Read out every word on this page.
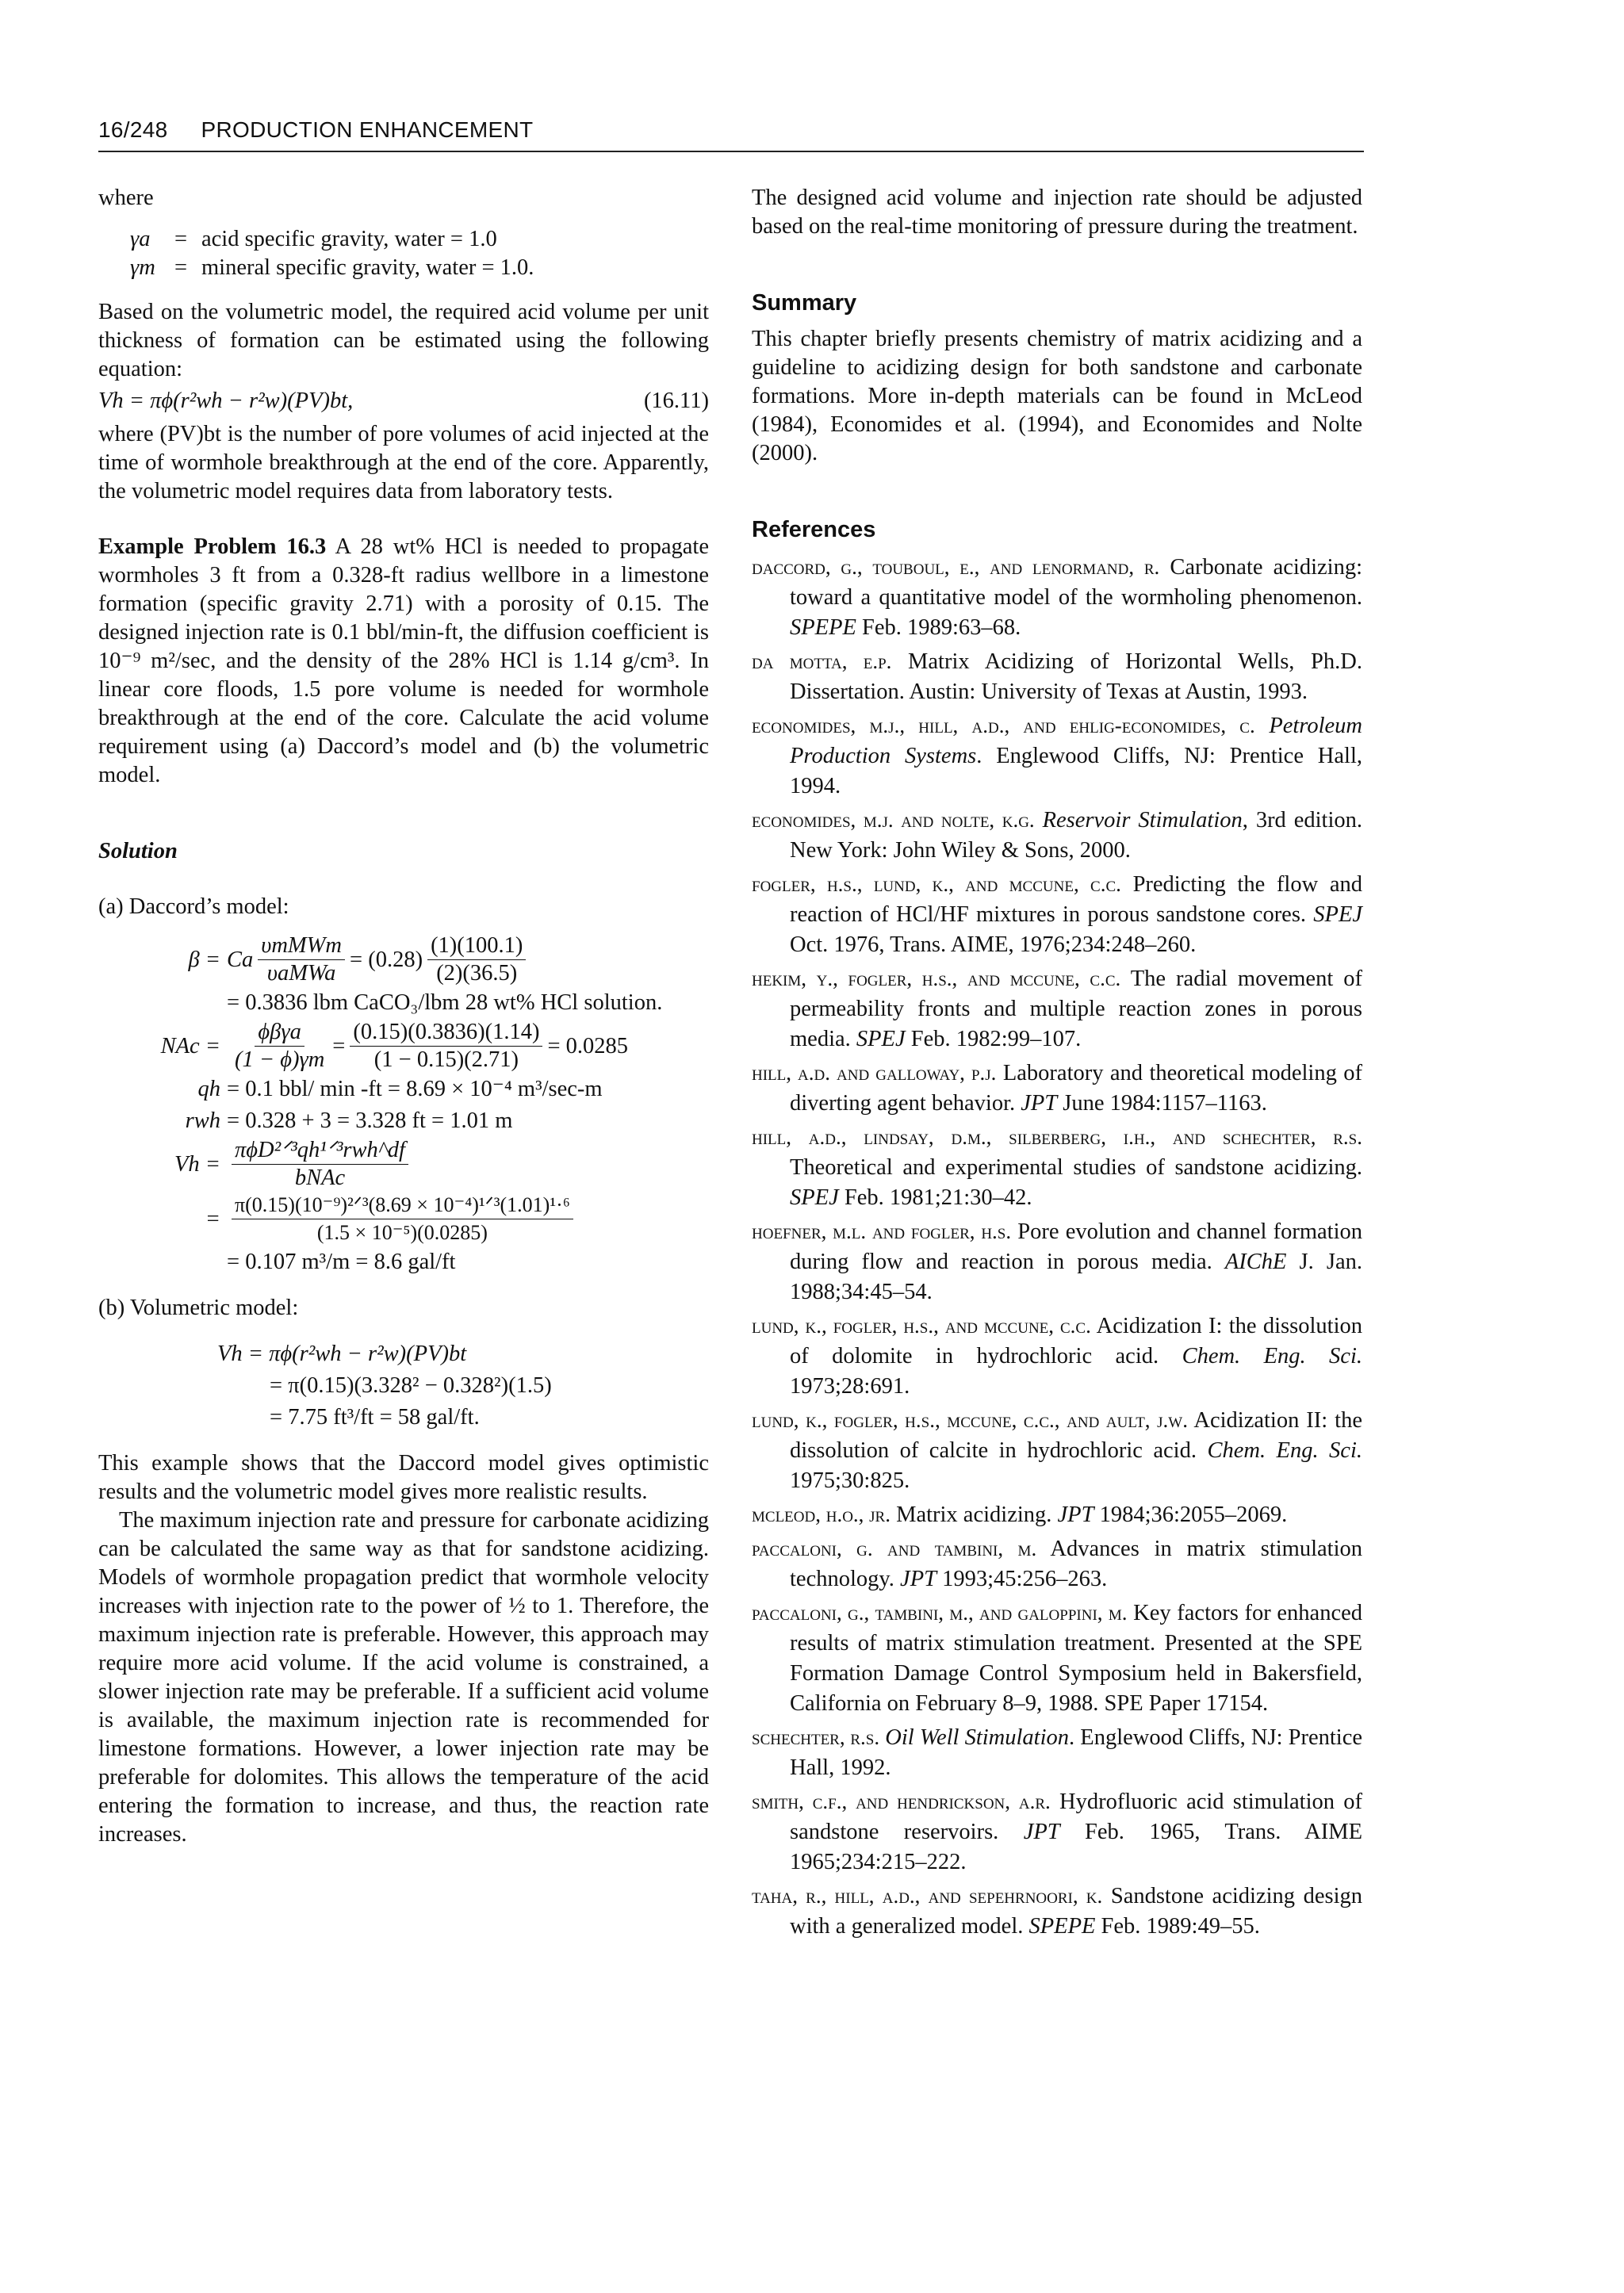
16/248 PRODUCTION ENHANCEMENT

where

γa	= acid specific gravity, water = 1.0
γm = mineral specific gravity, water = 1.0.

Based on the volumetric model, the required acid volume per unit thickness of formation can be estimated using the following equation:

Vh = πϕ(r²wh − r²w)(PV)bt,	(16.11)

where (PV)bt is the number of pore volumes of acid injected at the time of wormhole breakthrough at the end of the core. Apparently, the volumetric model requires data from laboratory tests.

Example Problem 16.3 A 28 wt% HCl is needed to propagate wormholes 3 ft from a 0.328-ft radius wellbore in a limestone formation (specific gravity 2.71) with a porosity of 0.15. The designed injection rate is 0.1 bbl/min-ft, the diffusion coefficient is 10⁻⁹ m²/sec, and the density of the 28% HCl is 1.14 g/cm³. In linear core floods, 1.5 pore volume is needed for wormhole breakthrough at the end of the core. Calculate the acid volume requirement using (a) Daccord’s model and (b) the volumetric model.

Solution

(a) Daccord’s model:

β = Ca $\frac{\text{υmMWm}}{\text{υaMWa}} = (0.28) \frac{(1)(100.1)}{(2)(36.5)}$
= 0.3836 lbm CaCO₃/lbm 28 wt% HCl solution.
NAc = $\frac{\text{ϕβγa}}{(1 - \phi)\gamma m} = \frac{(0.15)(0.3836)(1.14)}{(1 - 0.15)(2.71)} = 0.0285$
qh = 0.1 bbl/ min -ft = 8.69 × 10⁻⁴ m³/sec-m
rwh = 0.328 + 3 = 3.328 ft = 1.01 m
$Vh = \frac{\text{πϕD²ᐟ³qh¹ᐟ³rwh\textasciicircum{}df}}{\text{bNAc}}$
= $\frac{\text{π(0.15)(10⁻⁹)²ᐟ³(8.69 × 10⁻⁴)¹ᐟ³(1.01)¹·⁶}}{\text{(1.5 × 10⁻⁵)(0.0285)}}$
= 0.107 m³/m = 8.6 gal/ft

(b) Volumetric model:

Vh = πϕ(r²wh − r²w)(PV)bt
= π(0.15)(3.328² − 0.328²)(1.5)
= 7.75 ft³/ft = 58 gal/ft.

This example shows that the Daccord model gives optimistic results and the volumetric model gives more realistic results.

The maximum injection rate and pressure for carbonate acidizing can be calculated the same way as that for sandstone acidizing. Models of wormhole propagation predict that wormhole velocity increases with injection rate to the power of ½ to 1. Therefore, the maximum injection rate is preferable. However, this approach may require more acid volume. If the acid volume is constrained, a slower injection rate may be preferable. If a sufficient acid volume is available, the maximum injection rate is recommended for limestone formations. However, a lower injection rate may be preferable for dolomites. This allows the temperature of the acid entering the formation to increase, and thus, the reaction rate increases.

The designed acid volume and injection rate should be adjusted based on the real-time monitoring of pressure during the treatment.

Summary

This chapter briefly presents chemistry of matrix acidizing and a guideline to acidizing design for both sandstone and carbonate formations. More in-depth materials can be found in McLeod (1984), Economides et al. (1994), and Economides and Nolte (2000).

References

daccord, g., touboul, e., and lenormand, r. Carbonate acidizing: toward a quantitative model of the wormholing phenomenon. SPEPE Feb. 1989:63–68.

da motta, e.p. Matrix Acidizing of Horizontal Wells, Ph.D. Dissertation. Austin: University of Texas at Austin, 1993.

economides, m.j., hill, a.d., and ehlig-economides, c. Petroleum Production Systems. Englewood Cliffs, NJ: Prentice Hall, 1994.

economides, m.j. and nolte, k.g. Reservoir Stimulation, 3rd edition. New York: John Wiley & Sons, 2000.

fogler, h.s., lund, k., and mccune, c.c. Predicting the flow and reaction of HCl/HF mixtures in porous sandstone cores. SPEJ Oct. 1976, Trans. AIME, 1976;234:248–260.

hekim, y., fogler, h.s., and mccune, c.c. The radial movement of permeability fronts and multiple reaction zones in porous media. SPEJ Feb. 1982:99–107.

hill, a.d. and galloway, p.j. Laboratory and theoretical modeling of diverting agent behavior. JPT June 1984:1157–1163.

hill, a.d., lindsay, d.m., silberberg, i.h., and schechter, r.s. Theoretical and experimental studies of sandstone acidizing. SPEJ Feb. 1981;21:30–42.

hoefner, m.l. and fogler, h.s. Pore evolution and channel formation during flow and reaction in porous media. AIChE J. Jan. 1988;34:45–54.

lund, k., fogler, h.s., and mccune, c.c. Acidization I: the dissolution of dolomite in hydrochloric acid. Chem. Eng. Sci. 1973;28:691.

lund, k., fogler, h.s., mccune, c.c., and ault, j.w. Acidization II: the dissolution of calcite in hydrochloric acid. Chem. Eng. Sci. 1975;30:825.

mcleod, h.o., jr. Matrix acidizing. JPT 1984;36:2055–2069.

paccaloni, g. and tambini, m. Advances in matrix stimulation technology. JPT 1993;45:256–263.

paccaloni, g., tambini, m., and galoppini, m. Key factors for enhanced results of matrix stimulation treatment. Presented at the SPE Formation Damage Control Symposium held in Bakersfield, California on February 8–9, 1988. SPE Paper 17154.

schechter, r.s. Oil Well Stimulation. Englewood Cliffs, NJ: Prentice Hall, 1992.

smith, c.f., and hendrickson, a.r. Hydrofluoric acid stimulation of sandstone reservoirs. JPT Feb. 1965, Trans. AIME 1965;234:215–222.

taha, r., hill, a.d., and sepehrnoori, k. Sandstone acidizing design with a generalized model. SPEPE Feb. 1989:49–55.
